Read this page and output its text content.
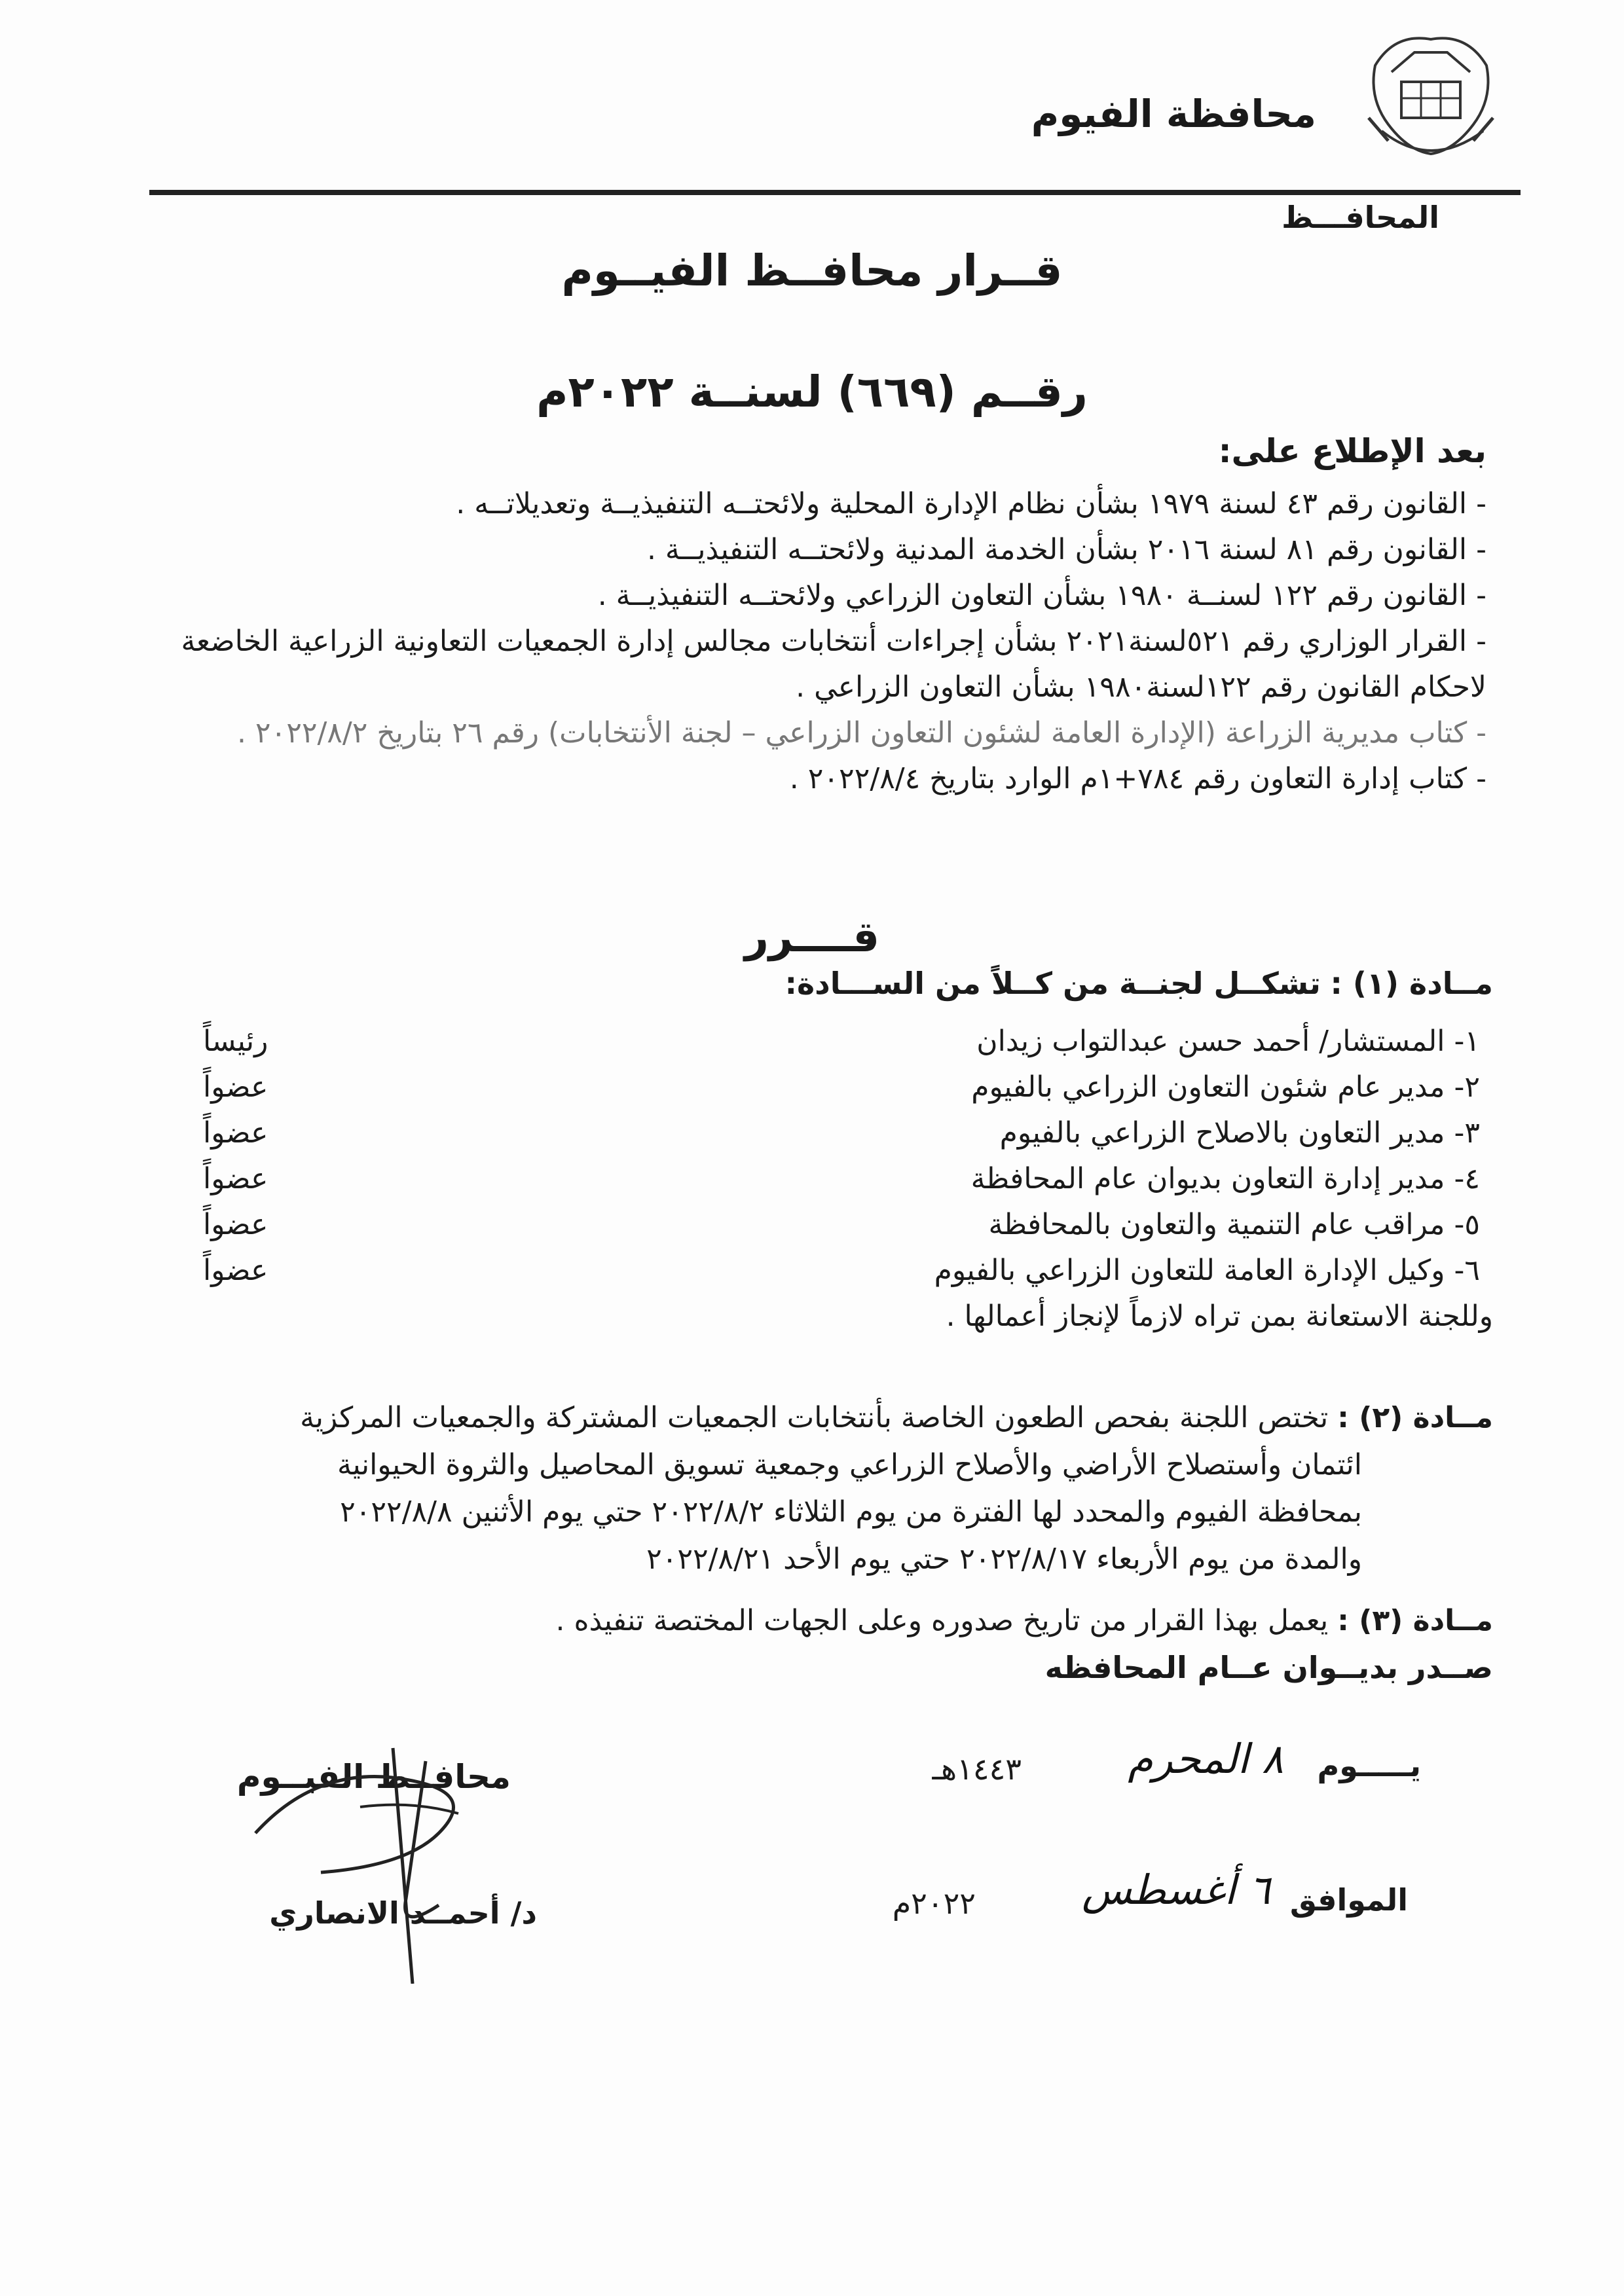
محافظة الفيوم
المحافـــظ
قــرار محافــظ الفيــوم
رقــم (٦٦٩) لسنــة ٢٠٢٢م
بعد الإطلاع على:

- القانون رقم ٤٣ لسنة ١٩٧٩ بشأن نظام الإدارة المحلية ولائحتــه التنفيذيــة وتعديلاتــه .

- القانون رقم ٨١ لسنة ٢٠١٦ بشأن الخدمة المدنية ولائحتــه التنفيذيــة .

- القانون رقم ١٢٢ لسنــة ١٩٨٠ بشأن التعاون الزراعي ولائحتــه التنفيذيــة .

- القرار الوزاري رقم ٥٢١لسنة٢٠٢١ بشأن إجراءات أنتخابات مجالس إدارة الجمعيات التعاونية الزراعية الخاضعة لاحكام القانون رقم ١٢٢لسنة١٩٨٠ بشأن التعاون الزراعي .

- كتاب مديرية الزراعة (الإدارة العامة لشئون التعاون الزراعي – لجنة الأنتخابات) رقم ٢٦ بتاريخ ٢٠٢٢/٨/٢ .

- كتاب إدارة التعاون رقم ٧٨٤+١م الوارد بتاريخ ٢٠٢٢/٨/٤ .

قــــرر
مــادة (١) : تشكــل لجنــة من كــلاً من الســـادة:
١- المستشار/ أحمد حسن عبدالتواب زيدان
رئيساً
٢- مدير عام شئون التعاون الزراعي بالفيوم
عضواً
٣- مدير التعاون بالاصلاح الزراعي بالفيوم
عضواً
٤- مدير إدارة التعاون بديوان عام المحافظة
عضواً
٥- مراقب عام التنمية والتعاون بالمحافظة
عضواً
٦- وكيل الإدارة العامة للتعاون الزراعي بالفيوم
عضواً
وللجنة الاستعانة بمن تراه لازماً لإنجاز أعمالها .
مــادة (٢) : تختص اللجنة بفحص الطعون الخاصة بأنتخابات الجمعيات المشتركة والجمعيات المركزية
ائتمان وأستصلاح الأراضي والأصلاح الزراعي وجمعية تسويق المحاصيل والثروة الحيوانية
بمحافظة الفيوم والمحدد لها الفترة من يوم الثلاثاء ٢٠٢٢/٨/٢ حتي يوم الأثنين ٢٠٢٢/٨/٨
والمدة من يوم الأربعاء ٢٠٢٢/٨/١٧ حتي يوم الأحد ٢٠٢٢/٨/٢١
مــادة (٣) : يعمل بهذا القرار من تاريخ صدوره وعلى الجهات المختصة تنفيذه .
صــدر بديــوان عــام المحافظه
يـــــوم
٨ المحرم
١٤٤٣هـ
الموافق
٦ أغسطس
٢٠٢٢م
محافــظ الفيــوم
د/ أحمــد الانصاري
